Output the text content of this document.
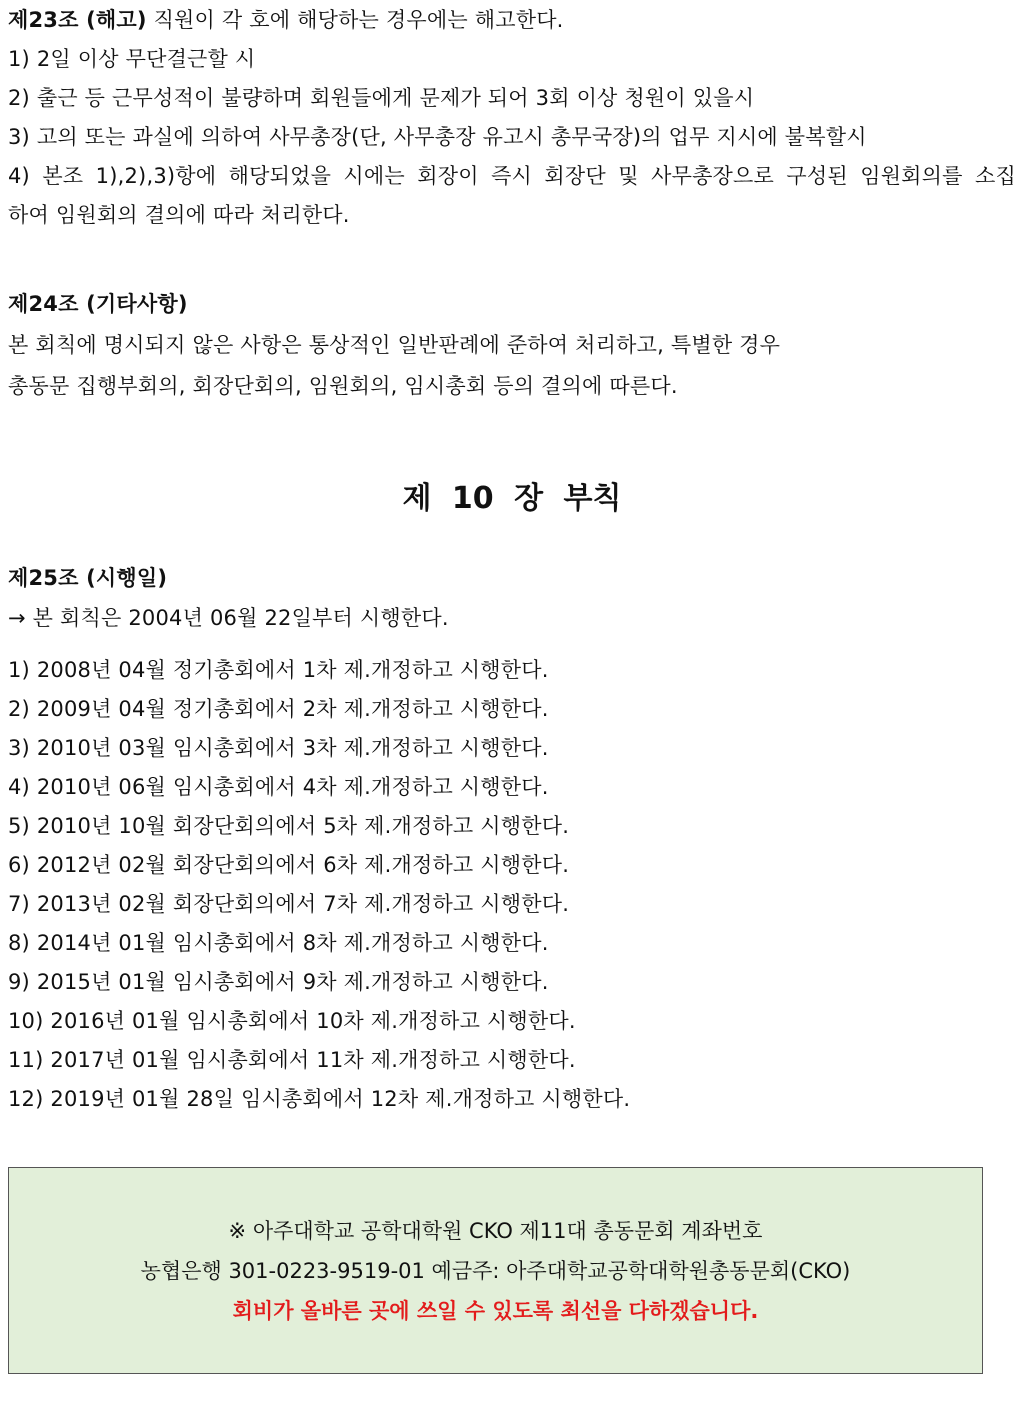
제23조 (해고) 직원이 각 호에 해당하는 경우에는 해고한다.
1) 2일 이상 무단결근할 시
2) 출근 등 근무성적이 불량하며 회원들에게 문제가 되어 3회 이상 청원이 있을시
3) 고의 또는 과실에 의하여 사무총장(단, 사무총장 유고시 총무국장)의 업무 지시에 불복할시
4) 본조 1),2),3)항에 해당되었을 시에는 회장이 즉시 회장단 및 사무총장으로 구성된 임원회의를 소집
하여 임원회의 결의에 따라 처리한다.
제24조 (기타사항)
본 회칙에 명시되지 않은 사항은 통상적인 일반판례에 준하여 처리하고, 특별한 경우
총동문 집행부회의, 회장단회의, 임원회의, 임시총회 등의 결의에 따른다.
제 10 장 부칙
제25조 (시행일)
→ 본 회칙은 2004년 06월 22일부터 시행한다.
1) 2008년 04월 정기총회에서 1차 제.개정하고 시행한다.
2) 2009년 04월 정기총회에서 2차 제.개정하고 시행한다.
3) 2010년 03월 임시총회에서 3차 제.개정하고 시행한다.
4) 2010년 06월 임시총회에서 4차 제.개정하고 시행한다.
5) 2010년 10월 회장단회의에서 5차 제.개정하고 시행한다.
6) 2012년 02월 회장단회의에서 6차 제.개정하고 시행한다.
7) 2013년 02월 회장단회의에서 7차 제.개정하고 시행한다.
8) 2014년 01월 임시총회에서 8차 제.개정하고 시행한다.
9) 2015년 01월 임시총회에서 9차 제.개정하고 시행한다.
10) 2016년 01월 임시총회에서 10차 제.개정하고 시행한다.
11) 2017년 01월 임시총회에서 11차 제.개정하고 시행한다.
12) 2019년 01월 28일 임시총회에서 12차 제.개정하고 시행한다.
※ 아주대학교 공학대학원 CKO 제11대 총동문회 계좌번호
농협은행 301-0223-9519-01 예금주: 아주대학교공학대학원총동문회(CKO)
회비가 올바른 곳에 쓰일 수 있도록 최선을 다하겠습니다.
